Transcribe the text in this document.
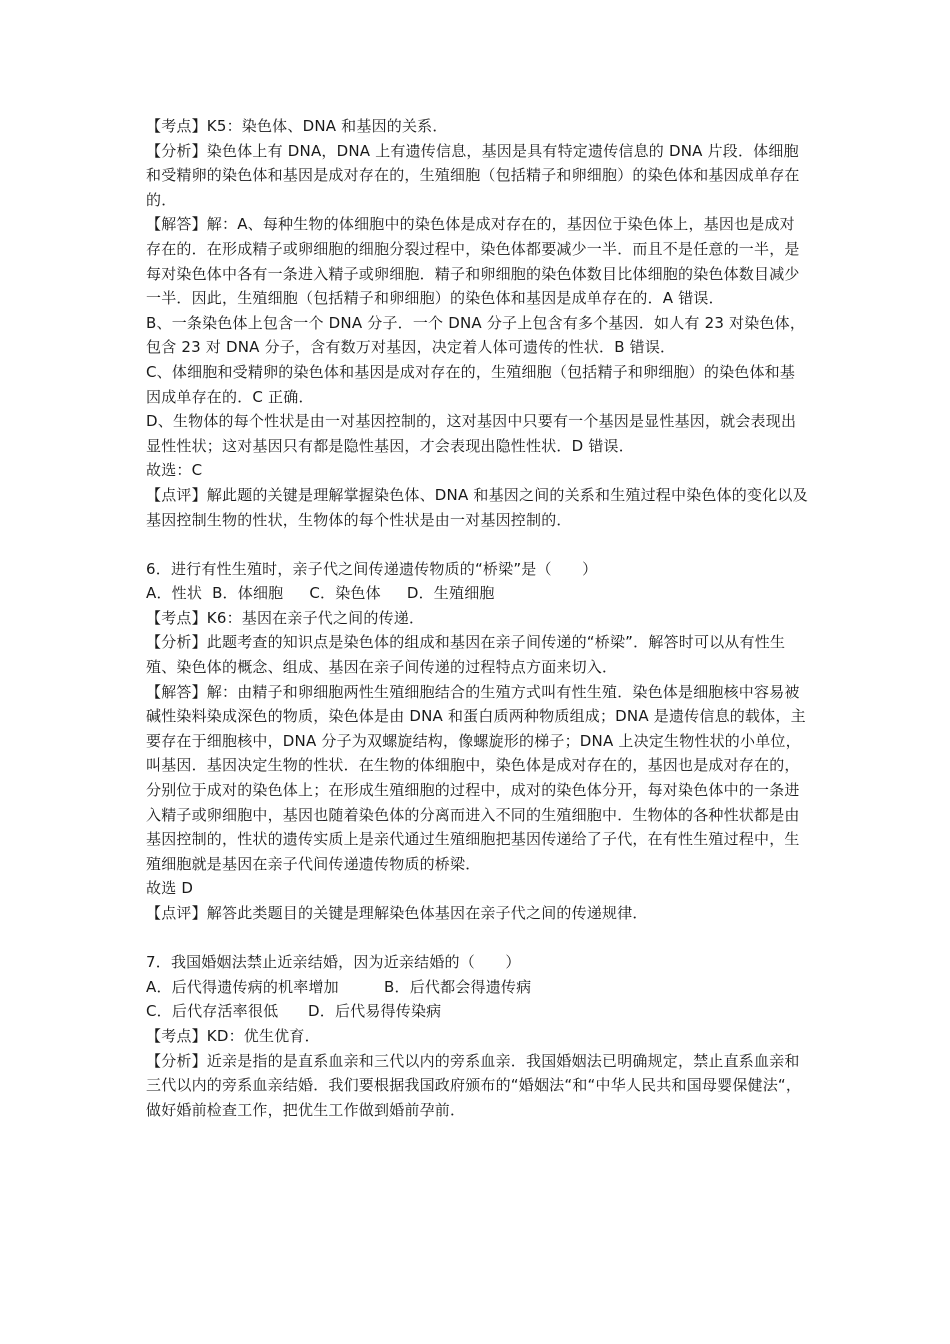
【考点】K5：染色体、DNA 和基因的关系．

【分析】染色体上有 DNA，DNA 上有遗传信息，基因是具有特定遗传信息的 DNA 片段．体细胞和受精卵的染色体和基因是成对存在的，生殖细胞（包括精子和卵细胞）的染色体和基因成单存在的．

【解答】解：A、每种生物的体细胞中的染色体是成对存在的，基因位于染色体上，基因也是成对存在的．在形成精子或卵细胞的细胞分裂过程中，染色体都要减少一半．而且不是任意的一半，是每对染色体中各有一条进入精子或卵细胞．精子和卵细胞的染色体数目比体细胞的染色体数目减少一半．因此，生殖细胞（包括精子和卵细胞）的染色体和基因是成单存在的．A 错误．

B、一条染色体上包含一个 DNA 分子．一个 DNA 分子上包含有多个基因．如人有 23 对染色体，包含 23 对 DNA 分子，含有数万对基因，决定着人体可遗传的性状．B 错误．

C、体细胞和受精卵的染色体和基因是成对存在的，生殖细胞（包括精子和卵细胞）的染色体和基因成单存在的．C 正确．

D、生物体的每个性状是由一对基因控制的，这对基因中只要有一个基因是显性基因，就会表现出显性性状；这对基因只有都是隐性基因，才会表现出隐性性状．D 错误．

故选：C

【点评】解此题的关键是理解掌握染色体、DNA 和基因之间的关系和生殖过程中染色体的变化以及基因控制生物的性状，生物体的每个性状是由一对基因控制的．

6．进行有性生殖时，亲子代之间传递遗传物质的“桥梁”是（　　）

A．性状 B．体细胞 C．染色体 D．生殖细胞

【考点】K6：基因在亲子代之间的传递．

【分析】此题考查的知识点是染色体的组成和基因在亲子间传递的“桥梁”．解答时可以从有性生殖、染色体的概念、组成、基因在亲子间传递的过程特点方面来切入．

【解答】解：由精子和卵细胞两性生殖细胞结合的生殖方式叫有性生殖．染色体是细胞核中容易被碱性染料染成深色的物质，染色体是由 DNA 和蛋白质两种物质组成；DNA 是遗传信息的载体，主要存在于细胞核中，DNA 分子为双螺旋结构，像螺旋形的梯子；DNA 上决定生物性状的小单位，叫基因．基因决定生物的性状．在生物的体细胞中，染色体是成对存在的，基因也是成对存在的，分别位于成对的染色体上；在形成生殖细胞的过程中，成对的染色体分开，每对染色体中的一条进入精子或卵细胞中，基因也随着染色体的分离而进入不同的生殖细胞中．生物体的各种性状都是由基因控制的，性状的遗传实质上是亲代通过生殖细胞把基因传递给了子代，在有性生殖过程中，生殖细胞就是基因在亲子代间传递遗传物质的桥梁．

故选 D

【点评】解答此类题目的关键是理解染色体基因在亲子代之间的传递规律．

7．我国婚姻法禁止近亲结婚，因为近亲结婚的（　　）

A．后代得遗传病的机率增加	B．后代都会得遗传病

C．后代存活率很低 D．后代易得传染病

【考点】KD：优生优育．

【分析】近亲是指的是直系血亲和三代以内的旁系血亲．我国婚姻法已明确规定，禁止直系血亲和三代以内的旁系血亲结婚．我们要根据我国政府颁布的“婚姻法“和“中华人民共和国母婴保健法“，做好婚前检查工作，把优生工作做到婚前孕前．
